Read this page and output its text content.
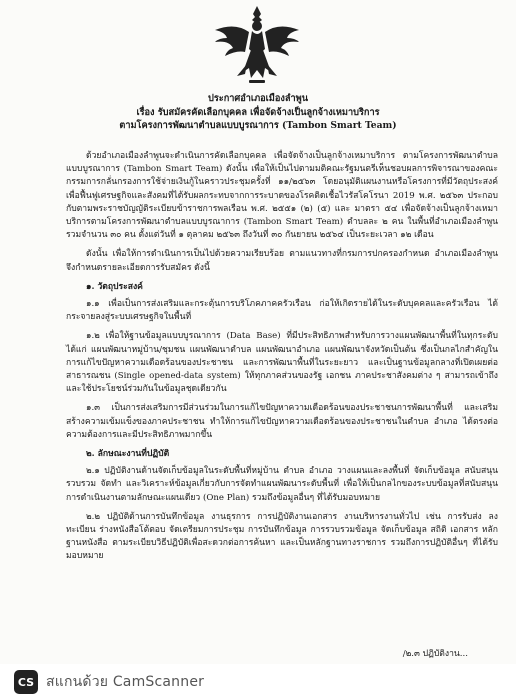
ประกาศอำเภอเมืองลำพูน
เรื่อง รับสมัครคัดเลือกบุคคล เพื่อจัดจ้างเป็นลูกจ้างเหมาบริการ
ตามโครงการพัฒนาตำบลแบบบูรณาการ (Tambon Smart Team)

ด้วยอำเภอเมืองลำพูนจะดำเนินการคัดเลือกบุคคล เพื่อจัดจ้างเป็นลูกจ้างเหมาบริการ ตามโครงการพัฒนาตำบลแบบบูรณาการ (Tambon Smart Team) ดังนั้น เพื่อให้เป็นไปตามมติคณะรัฐมนตรีเห็นชอบผลการพิจารณาของคณะกรรมการกลั่นกรองการใช้จ่ายเงินกู้ในคราวประชุมครั้งที่ ๑๑/๒๕๖๓ โดยอนุมัติแผนงานหรือโครงการที่มีวัตถุประสงค์เพื่อฟื้นฟูเศรษฐกิจและสังคมที่ได้รับผลกระทบจากการระบาดของโรคติดเชื้อไวรัสโคโรนา 2019 พ.ศ. ๒๕๖๓ ประกอบกับตามพระราชบัญญัติระเบียบข้าราชการพลเรือน พ.ศ. ๒๕๕๑ (๒) (๕) และ มาตรา ๕๔ เพื่อจัดจ้างเป็นลูกจ้างเหมาบริการตามโครงการพัฒนาตำบลแบบบูรณาการ (Tambon Smart Team) ตำบลละ ๒ คน ในพื้นที่อำเภอเมืองลำพูน รวมจำนวน ๓๐ คน ตั้งแต่วันที่ ๑ ตุลาคม ๒๕๖๓ ถึงวันที่ ๓๐ กันยายน ๒๕๖๔ เป็นระยะเวลา ๑๒ เดือน

ดังนั้น เพื่อให้การดำเนินการเป็นไปด้วยความเรียบร้อย ตามแนวทางที่กรมการปกครองกำหนด อำเภอเมืองลำพูน จึงกำหนดรายละเอียดการรับสมัคร ดังนี้

๑. วัตถุประสงค์

๑.๑ เพื่อเป็นการส่งเสริมและกระตุ้นการบริโภคภาคครัวเรือน ก่อให้เกิดรายได้ในระดับบุคคลและครัวเรือน ได้กระจายลงสู่ระบบเศรษฐกิจในพื้นที่

๑.๒ เพื่อให้ฐานข้อมูลแบบบูรณาการ (Data Base) ที่มีประสิทธิภาพสำหรับการวางแผนพัฒนาพื้นที่ในทุกระดับ ได้แก่ แผนพัฒนาหมู่บ้าน/ชุมชน แผนพัฒนาตำบล แผนพัฒนาอำเภอ แผนพัฒนาจังหวัดเป็นต้น ซึ่งเป็นกลไกสำคัญในการแก้ไขปัญหาความเดือดร้อนของประชาชน และการพัฒนาพื้นที่ในระยะยาว และเป็นฐานข้อมูลกลางที่เปิดเผยต่อสาธารณชน (Single opened-data system) ให้ทุกภาคส่วนของรัฐ เอกชน ภาคประชาสังคมต่าง ๆ สามารถเข้าถึงและใช้ประโยชน์ร่วมกันในข้อมูลชุดเดียวกัน

๑.๓ เป็นการส่งเสริมการมีส่วนร่วมในการแก้ไขปัญหาความเดือดร้อนของประชาชนการพัฒนาพื้นที่ และเสริมสร้างความเข้มแข็งของภาคประชาชน ทำให้การแก้ไขปัญหาความเดือดร้อนของประชาชนในตำบล อำเภอ ได้ตรงต่อความต้องการและมีประสิทธิภาพมากขึ้น

๒. ลักษณะงานที่ปฏิบัติ

๒.๑ ปฏิบัติงานด้านจัดเก็บข้อมูลในระดับพื้นที่หมู่บ้าน ตำบล อำเภอ วางแผนและลงพื้นที่ จัดเก็บข้อมูล สนับสนุน รวบรวม จัดทำ และวิเคราะห์ข้อมูลเกี่ยวกับการจัดทำแผนพัฒนาระดับพื้นที่ เพื่อให้เป็นกลไกของระบบข้อมูลที่สนับสนุนการดำเนินงานตามลักษณะแผนเดียว (One Plan) รวมถึงข้อมูลอื่นๆ ที่ได้รับมอบหมาย

๒.๒ ปฏิบัติด้านการบันทึกข้อมูล งานธุรการ การปฏิบัติงานเอกสาร งานบริหารงานทั่วไป เช่น การรับส่ง ลงทะเบียน ร่างหนังสือโต้ตอบ จัดเตรียมการประชุม การบันทึกข้อมูล การรวบรวมข้อมูล จัดเก็บข้อมูล สถิติ เอกสาร หลักฐานหนังสือ ตามระเบียบวิธีปฏิบัติเพื่อสะดวกต่อการค้นหา และเป็นหลักฐานทางราชการ รวมถึงการปฏิบัติอื่นๆ ที่ได้รับมอบหมาย

/๒.๓ ปฏิบัติงาน...
CS สแกนด้วย CamScanner
